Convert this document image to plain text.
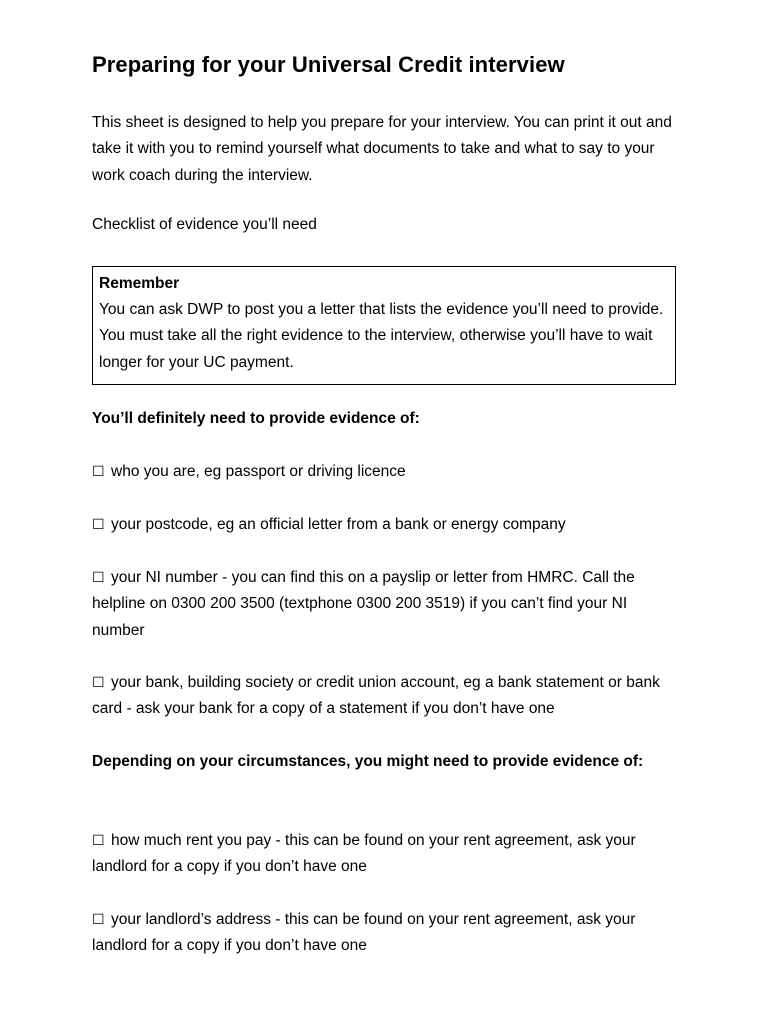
Preparing for your Universal Credit interview

This sheet is designed to help you prepare for your interview. You can print it out and take it with you to remind yourself what documents to take and what to say to your work coach during the interview.

Checklist of evidence you’ll need

Remember

You can ask DWP to post you a letter that lists the evidence you’ll need to provide. You must take all the right evidence to the interview, otherwise you’ll have to wait longer for your UC payment.

You’ll definitely need to provide evidence of:

☐ who you are, eg passport or driving licence

☐ your postcode, eg an official letter from a bank or energy company

☐ your NI number - you can find this on a payslip or letter from HMRC. Call the helpline on 0300 200 3500 (textphone 0300 200 3519) if you can’t find your NI number

☐ your bank, building society or credit union account, eg a bank statement or bank card - ask your bank for a copy of a statement if you don’t have one

Depending on your circumstances, you might need to provide evidence of:

☐ how much rent you pay - this can be found on your rent agreement, ask your landlord for a copy if you don’t have one

☐ your landlord’s address - this can be found on your rent agreement, ask your landlord for a copy if you don’t have one
